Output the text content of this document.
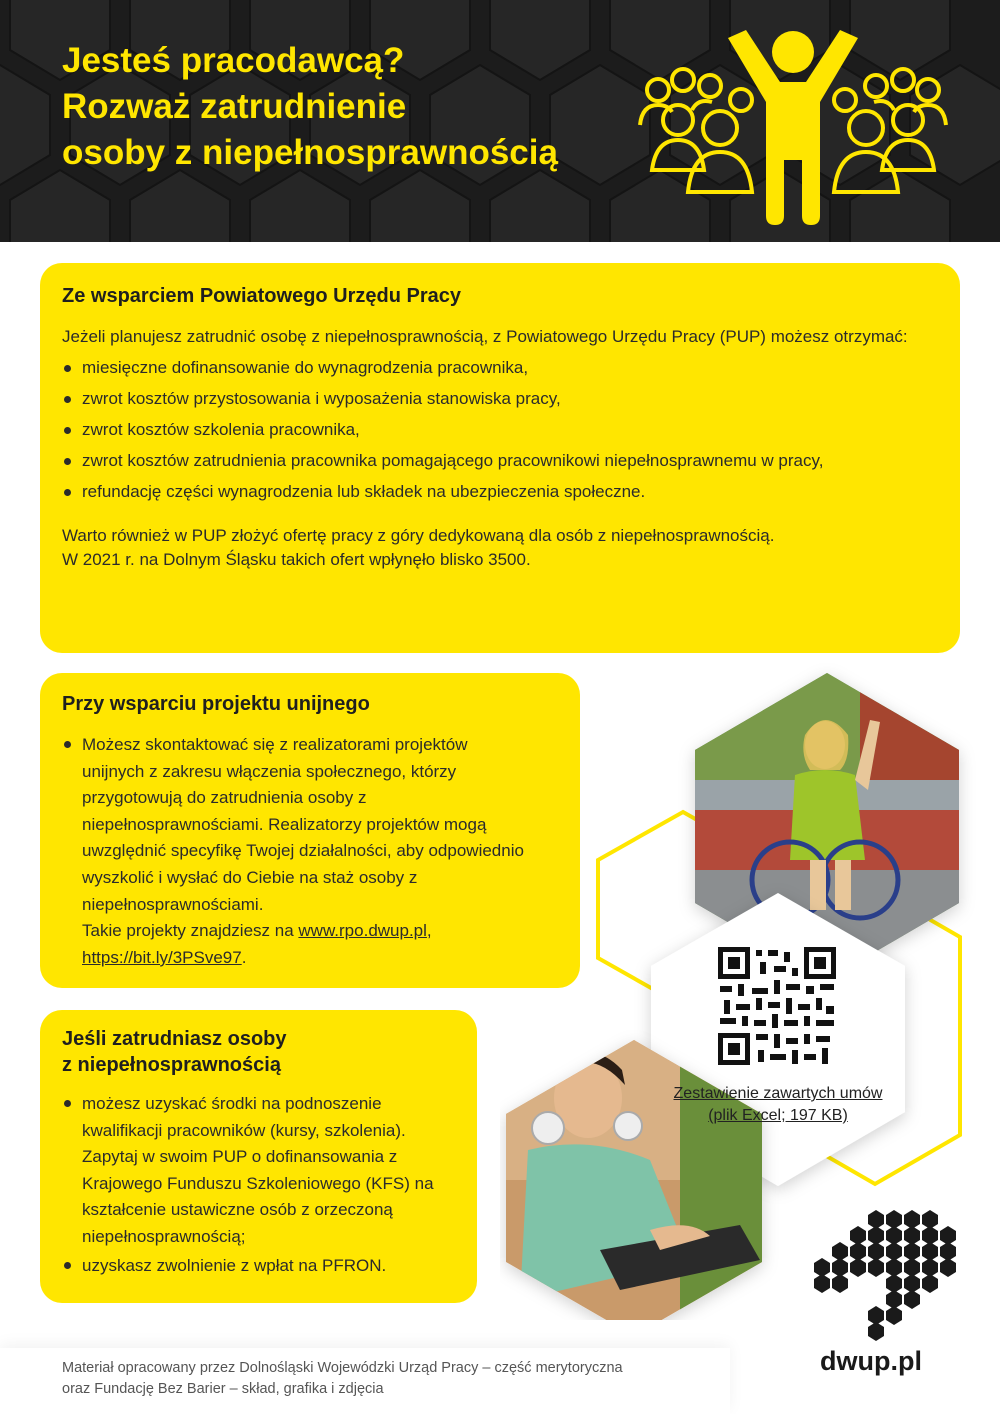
Jesteś pracodawcą?
Rozważ zatrudnienie
osoby z niepełnosprawnością
Ze wsparciem Powiatowego Urzędu Pracy

Jeżeli planujesz zatrudnić osobę z niepełnosprawnością, z Powiatowego Urzędu Pracy (PUP) możesz otrzymać:

miesięczne dofinansowanie do wynagrodzenia pracownika,
zwrot kosztów przystosowania i wyposażenia stanowiska pracy,
zwrot kosztów szkolenia pracownika,
zwrot kosztów zatrudnienia pracownika pomagającego pracownikowi niepełnosprawnemu w pracy,
refundację części wynagrodzenia lub składek na ubezpieczenia społeczne.

Warto również w PUP złożyć ofertę pracy z góry dedykowaną dla osób z niepełnosprawnością.

W 2021 r. na Dolnym Śląsku takich ofert wpłynęło blisko 3500.

Zestawienie zawartych umów
(plik Excel; 197 KB)
Przy wsparciu projektu unijnego
Możesz skontaktować się z realizatorami projektów unijnych z zakresu włączenia społecznego, którzy przygotowują do zatrudnienia osoby z niepełnosprawnościami. Realizatorzy projektów mogą uwzględnić specyfikę Twojej działalności, aby odpowiednio wyszkolić i wysłać do Ciebie na staż osoby z niepełnosprawnościami.
Takie projekty znajdziesz na www.rpo.dwup.pl,
https://bit.ly/3PSve97.
Jeśli zatrudniasz osoby
z niepełnosprawnością
możesz uzyskać środki na podnoszenie kwalifikacji pracowników (kursy, szkolenia). Zapytaj w swoim PUP o dofinansowania z Krajowego Funduszu Szkoleniowego (KFS) na kształcenie ustawiczne osób z orzeczoną niepełnosprawnością;
uzyskasz zwolnienie z wpłat na PFRON.
dwup.pl

Materiał opracowany przez Dolnośląski Wojewódzki Urząd Pracy – część merytoryczna

oraz Fundację Bez Barier – skład, grafika i zdjęcia
